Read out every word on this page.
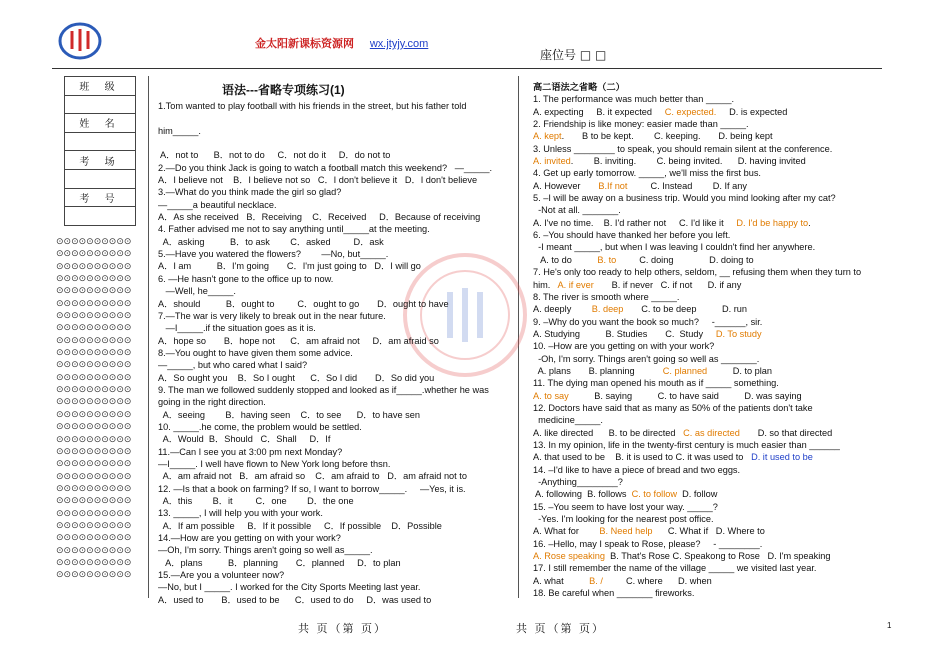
金太阳新课标资源网 wx.jtyjy.com
座位号 □ □
班 级

姓 名

考 场

考 号

⊙⊙⊙⊙⊙⊙⊙⊙⊙⊙
⊙⊙⊙⊙⊙⊙⊙⊙⊙⊙
⊙⊙⊙⊙⊙⊙⊙⊙⊙⊙
⊙⊙⊙⊙⊙⊙⊙⊙⊙⊙
⊙⊙⊙⊙⊙⊙⊙⊙⊙⊙
⊙⊙⊙⊙⊙⊙⊙⊙⊙⊙
⊙⊙⊙⊙⊙⊙⊙⊙⊙⊙
⊙⊙⊙⊙⊙⊙⊙⊙⊙⊙
⊙⊙⊙⊙⊙⊙⊙⊙⊙⊙
⊙⊙⊙⊙⊙⊙⊙⊙⊙⊙
⊙⊙⊙⊙⊙⊙⊙⊙⊙⊙
⊙⊙⊙⊙⊙⊙⊙⊙⊙⊙
⊙⊙⊙⊙⊙⊙⊙⊙⊙⊙
⊙⊙⊙⊙⊙⊙⊙⊙⊙⊙
⊙⊙⊙⊙⊙⊙⊙⊙⊙⊙
⊙⊙⊙⊙⊙⊙⊙⊙⊙⊙
⊙⊙⊙⊙⊙⊙⊙⊙⊙⊙
⊙⊙⊙⊙⊙⊙⊙⊙⊙⊙
⊙⊙⊙⊙⊙⊙⊙⊙⊙⊙
⊙⊙⊙⊙⊙⊙⊙⊙⊙⊙
⊙⊙⊙⊙⊙⊙⊙⊙⊙⊙
⊙⊙⊙⊙⊙⊙⊙⊙⊙⊙
⊙⊙⊙⊙⊙⊙⊙⊙⊙⊙
⊙⊙⊙⊙⊙⊙⊙⊙⊙⊙
⊙⊙⊙⊙⊙⊙⊙⊙⊙⊙
⊙⊙⊙⊙⊙⊙⊙⊙⊙⊙
⊙⊙⊙⊙⊙⊙⊙⊙⊙⊙
⊙⊙⊙⊙⊙⊙⊙⊙⊙⊙
语法---省略专项练习(1)
1.Tom wanted to play football with his friends in the street, but his father told
him_____.
A．not to      B．not to do     C．not do it     D．do not to
2.—Do you think Jack is going to watch a football match this weekend?   —_____.
A．I believe not    B．I believe not so   C．I don't believe it   D．I don't believe
3.—What do you think made the girl so glad?
—_____a beautiful necklace.
A．As she received   B．Receiving    C．Received     D．Because of receiving
4. Father advised me not to say anything until_____at the meeting.
A．asking          B．to ask        C．asked         D．ask
5.—Have you watered the flowers?        —No, but_____.
A．I am          B．I'm going       C．I'm just going to   D．I will go
6. —He hasn't gone to the office up to now.
—Well, he_____.
A．should          B．ought to         C．ought to go       D．ought to have
7.—The war is very likely to break out in the near future.
—I_____.if the situation goes as it is.
A．hope so       B．hope not      C．am afraid not     D．am afraid so
8.—You ought to have given them some advice.
—_____, but who cared what I said?
A．So ought you    B．So I ought      C．So I did       D．So did you
9. The man we followed suddenly stopped and looked as if_____.whether he was
going in the right direction.
A．seeing        B．having seen    C．to see      D．to have sen
10. _____.he come, the problem would be settled.
A．Would  B．Should   C．Shall     D．If
11.—Can I see you at 3:00 pm next Monday?
—I_____. I well have flown to New York long before thsn.
A．am afraid not   B．am afraid so    C．am afraid to   D．am afraid not to
12. —Is that a book on farming? If so, I want to borrow_____.     —Yes, it is.
A．this        B．it         C．one        D．the one
13. _____, I will help you with your work.
A．If am possible     B．If it possible     C．If possible    D．Possible
14.—How are you getting on with your work?
—Oh, I'm sorry. Things aren't going so well as_____.
A．plans          B．planning       C．planned     D．to plan
15.—Are you a volunteer now?
—No, but I _____. I worked for the City Sports Meeting last year.
A．used to       B．used to be      C．used to do     D．was used to
高二语法之省略（二）
1. The performance was much better than _____.
A. expecting     B. it expected     C. expected.     D. is expected
2. Friendship is like money: easier made than _____.
A. kept.       B to be kept.        C. keeping.       D. being kept
3. Unless ________ to speak, you should remain silent at the conference.
A. invited.        B. inviting.        C. being invited.      D. having invited
4. Get up early tomorrow. _____, we'll miss the first bus.
A. However       B.If not         C. Instead        D. If any
5. –I will be away on a business trip. Would you mind looking after my cat?
-Not at all. _______.
A. I've no time.    B. I'd rather not     C. I'd like it     D. I'd be happy to.
6. –You should have thanked her before you left.
-I meant _____, but when I was leaving I couldn't find her anywhere.
A. to do          B. to         C. doing              D. doing to
7. He's only too ready to help others, seldom, __ refusing them when they turn to
him.   A. if ever       B. if never   C. if not      D. if any
8. The river is smooth where _____.
A. deeply        B. deep       C. to be deep          D. run
9. –Why do you want the book so much?     -______, sir.
A. Studying          B. Studies       C.  Study     D. To study
10. –How are you getting on with your work?
-Oh, I'm sorry. Things aren't going so well as _______.
A. plans       B. planning           C. planned          D. to plan
11. The dying man opened his mouth as if _____ something.
A. to say          B. saying          C. to have said          D. was saying
12. Doctors have said that as many as 50% of the patients don't take
medicine_____.
A. like directed      B. to be directed   C. as directed       D. so that directed
13. In my opinion, life in the twenty-first century is much easier than ______
A. that used to be    B. it is used to C. it was used to   D. it used to be
14. –I'd like to have a piece of bread and two eggs.
-Anything________?
A. following  B. follows  C. to follow  D. follow
15. –You seem to have lost your way. _____?
-Yes. I'm looking for the nearest post office.
A. What for        B. Need help      C. What if   D. Where to
16. –Hello, may I speak to Rose, please?     - ________.
A. Rose speaking  B. That's Rose C. Speakong to Rose   D. I'm speaking
17. I still remember the name of the village _____ we visited last year.
A. what          B. /         C. where      D. when
18. Be careful when _______ fireworks.
共 页（第 页）	共 页（第 页）	1
